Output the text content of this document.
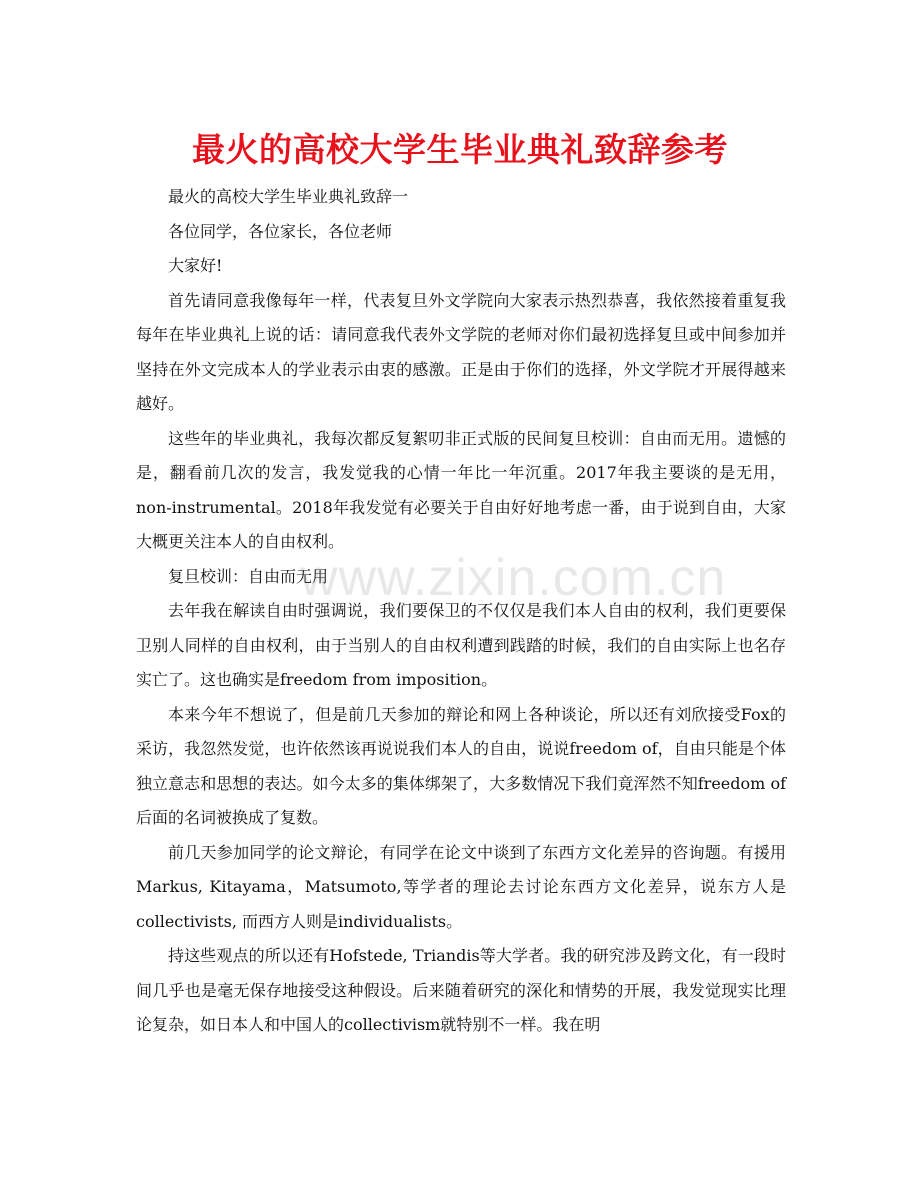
最火的高校大学生毕业典礼致辞参考

最火的高校大学生毕业典礼致辞一

各位同学，各位家长，各位老师

大家好!

首先请同意我像每年一样，代表复旦外文学院向大家表示热烈恭喜，我依然接着重复我每年在毕业典礼上说的话：请同意我代表外文学院的老师对你们最初选择复旦或中间参加并坚持在外文完成本人的学业表示由衷的感激。正是由于你们的选择，外文学院才开展得越来越好。

这些年的毕业典礼，我每次都反复絮叨非正式版的民间复旦校训：自由而无用。遗憾的是，翻看前几次的发言，我发觉我的心情一年比一年沉重。2017年我主要谈的是无用，non-instrumental。2018年我发觉有必要关于自由好好地考虑一番，由于说到自由，大家大概更关注本人的自由权利。

复旦校训：自由而无用

去年我在解读自由时强调说，我们要保卫的不仅仅是我们本人自由的权利，我们更要保卫别人同样的自由权利，由于当别人的自由权利遭到践踏的时候，我们的自由实际上也名存实亡了。这也确实是freedom from imposition。

本来今年不想说了，但是前几天参加的辩论和网上各种谈论，所以还有刘欣接受Fox的采访，我忽然发觉，也许依然该再说说我们本人的自由，说说freedom of，自由只能是个体独立意志和思想的表达。如今太多的集体绑架了，大多数情况下我们竟浑然不知freedom of 后面的名词被换成了复数。

前几天参加同学的论文辩论，有同学在论文中谈到了东西方文化差异的咨询题。有援用Markus, Kitayama，Matsumoto,等学者的理论去讨论东西方文化差异，说东方人是collectivists, 而西方人则是individualists。

持这些观点的所以还有Hofstede, Triandis等大学者。我的研究涉及跨文化，有一段时间几乎也是毫无保存地接受这种假设。后来随着研究的深化和情势的开展，我发觉现实比理论复杂，如日本人和中国人的collectivism就特别不一样。我在明

www.zixin.com.cn
